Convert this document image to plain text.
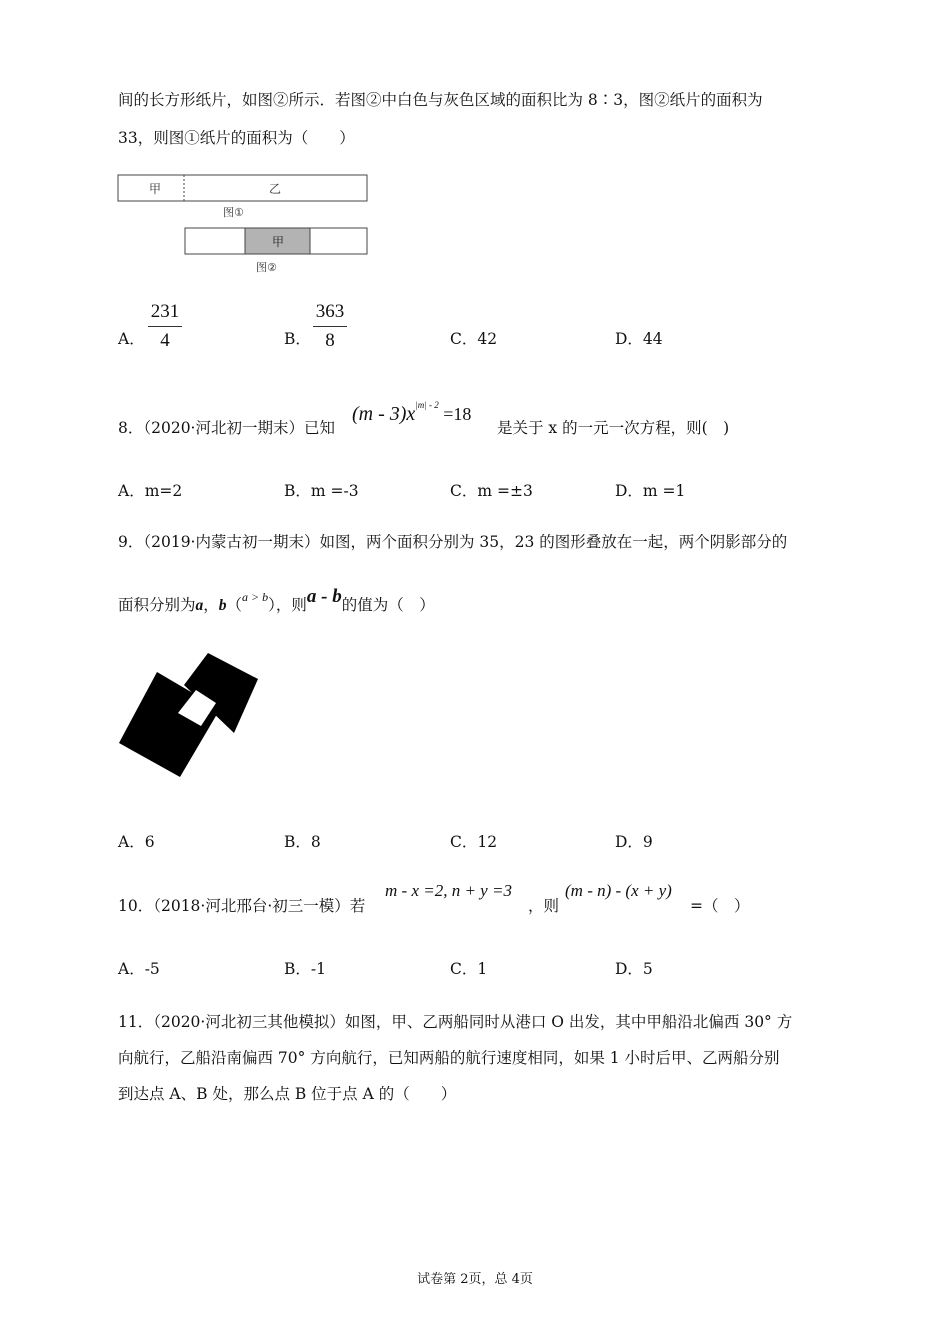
间的长方形纸片，如图②所示．若图②中白色与灰色区域的面积比为 8∶3，图②纸片的面积为
33，则图①纸片的面积为（　　）
甲	乙
图①
甲
图②
A．
231
4	B．
363
8	C．42	D．44
8．（2020·河北初一期末）已知
$(m - 3)x^{|m| - 2} =18$
是关于 x 的一元一次方程，则(　)
A．m=2	B．m =-3	C．m =±3	D．m =1
9．（2019·内蒙古初一期末）如图，两个面积分别为 35，23 的图形叠放在一起，两个阴影部分的
面积分别为a，b（$^{a > b}$），则a - b的值为（　）
A．6	B．8	C．12	D．9
10．（2018·河北邢台·初三一模）若
m - x =2, n + y =3
，则
(m - n) - (x + y)
=（　）
A．-5	B．-1	C．1	D．5
11．（2020·河北初三其他模拟）如图，甲、乙两船同时从港口 O 出发，其中甲船沿北偏西 30° 方
向航行，乙船沿南偏西 70° 方向航行，已知两船的航行速度相同，如果 1 小时后甲、乙两船分别
到达点 A、B 处，那么点 B 位于点 A 的（　　）
试卷第 2页，总 4页
